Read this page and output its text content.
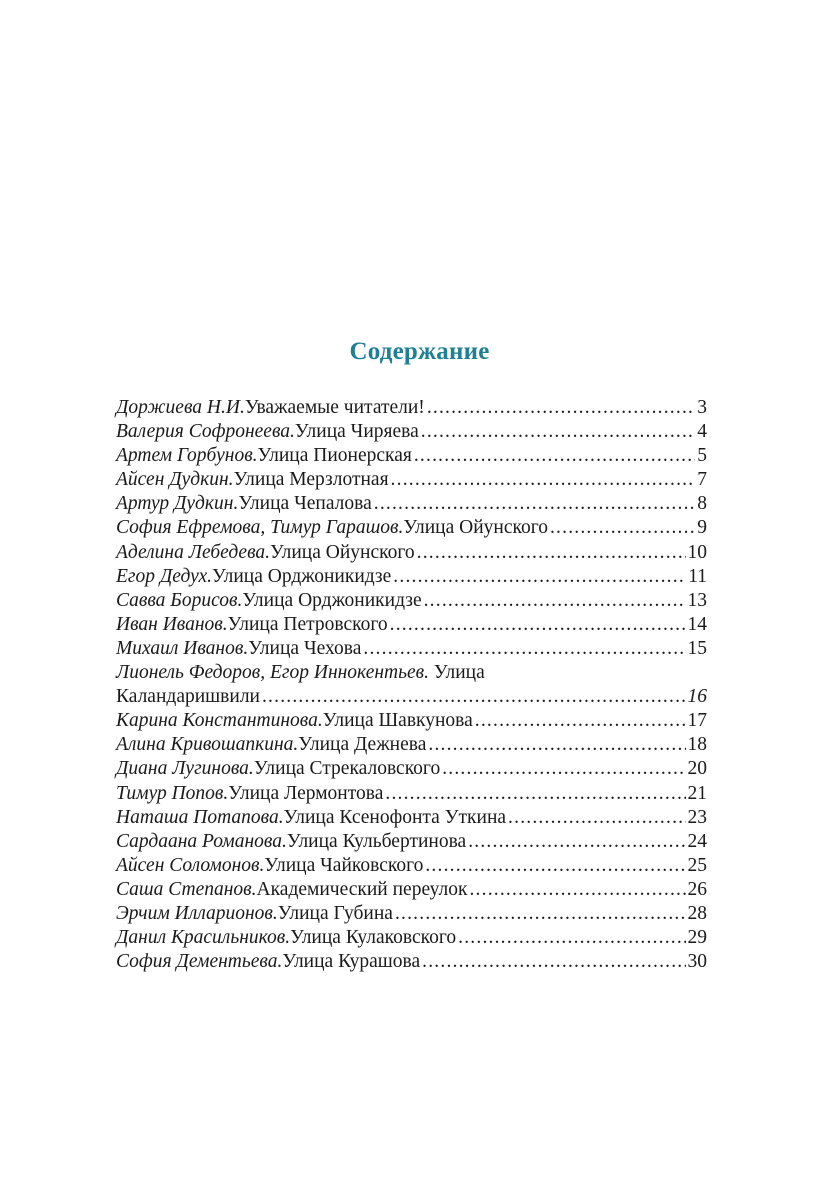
Содержание
Доржиева Н.И. Уважаемые читатели! .....	3
Валерия Софронеева. Улица Чиряева .....	4
Артем Горбунов. Улица Пионерская .....	5
Айсен Дудкин. Улица Мерзлотная .....	7
Артур Дудкин. Улица Чепалова .....	8
София Ефремова, Тимур Гарашов. Улица Ойунского .....	9
Аделина Лебедева. Улица Ойунского .....	10
Егор Дедух. Улица Орджоникидзе .....	11
Савва Борисов. Улица Орджоникидзе .....	13
Иван Иванов. Улица Петровского .....	14
Михаил Иванов. Улица Чехова .....	15
Лионель Федоров, Егор Иннокентьев. Улица
Каландаришвили .....	16
Карина Константинова. Улица Шавкунова .....	17
Алина Кривошапкина. Улица Дежнева .....	18
Диана Лугинова. Улица Стрекаловского .....	20
Тимур Попов. Улица Лермонтова .....	21
Наташа Потапова. Улица Ксенофонта Уткина .....	23
Сардаана Романова. Улица Кульбертинова .....	24
Айсен Соломонов. Улица Чайковского .....	25
Саша Степанов. Академический переулок .....	26
Эрчим Илларионов. Улица Губина .....	28
Данил Красильников. Улица Кулаковского .....	29
София Дементьева. Улица Курашова .....	30
